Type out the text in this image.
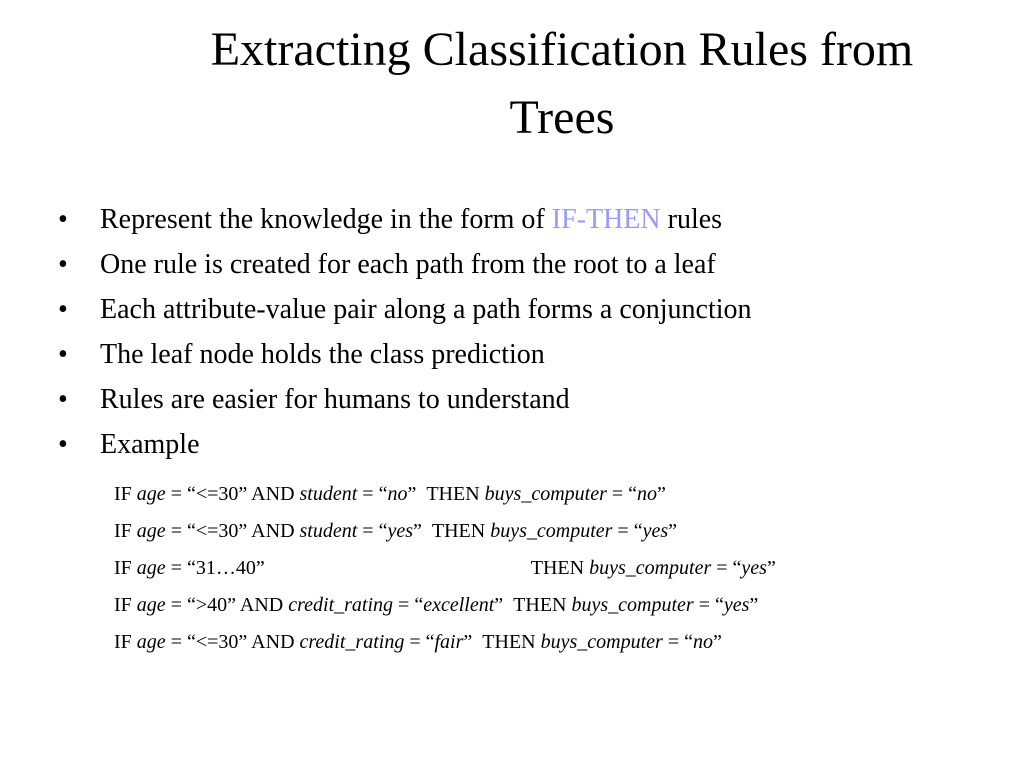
Extracting Classification Rules from
Trees
• Represent the knowledge in the form of IF-THEN rules
• One rule is created for each path from the root to a leaf
• Each attribute-value pair along a path forms a conjunction
• The leaf node holds the class prediction
• Rules are easier for humans to understand
• Example
IF age = “<=30” AND student = “no” THEN buys_computer = “no”
IF age = “<=30” AND student = “yes” THEN buys_computer = “yes”
IF age = “31…40”	THEN buys_computer = “yes”
IF age = “>40” AND credit_rating = “excellent” THEN buys_computer = “yes”
IF age = “<=30” AND credit_rating = “fair” THEN buys_computer = “no”
